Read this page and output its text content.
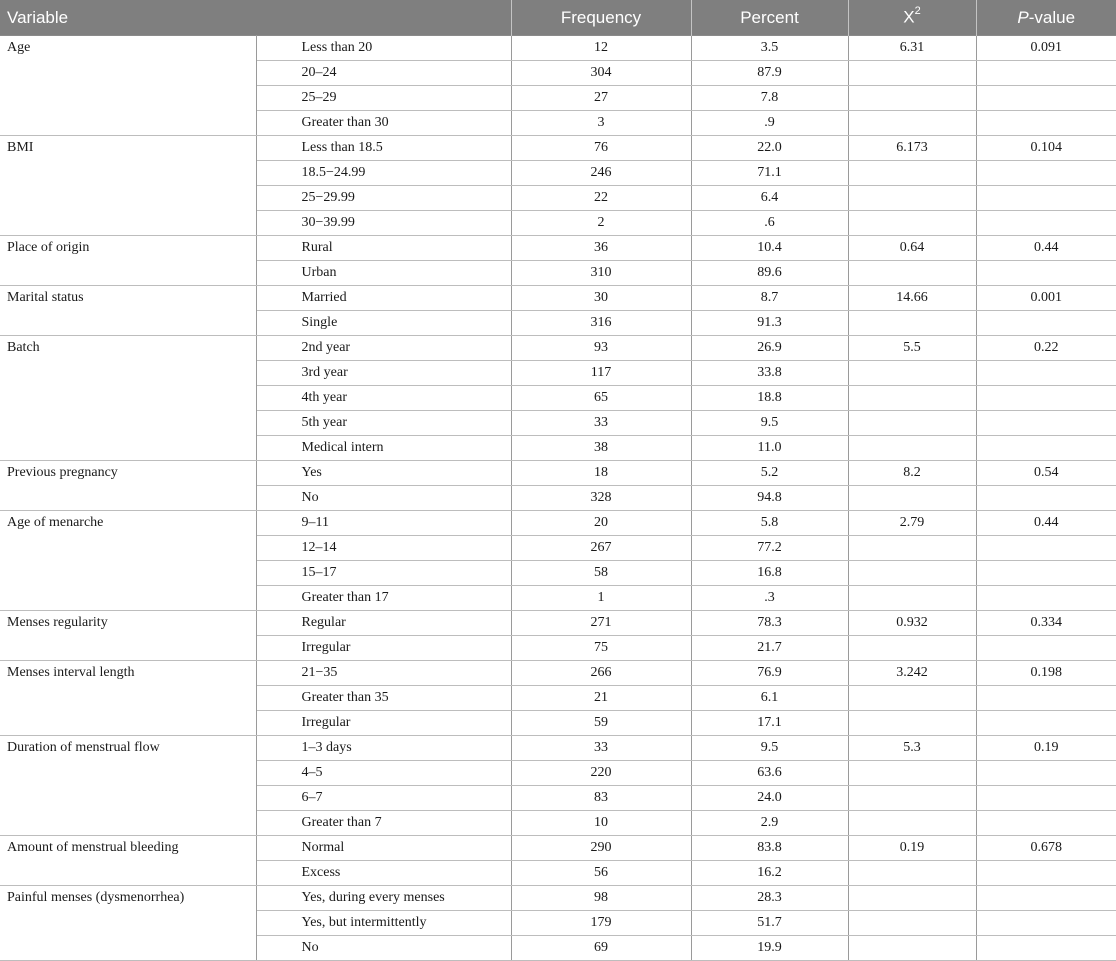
Variable		Frequency	Percent	$X^2$	P-value
Age	Less than 20	12	3.5	6.31	0.091
	20–24	304	87.9		
	25–29	27	7.8		
	Greater than 30	3	.9		
BMI	Less than 18.5	76	22.0	6.173	0.104
	18.5−24.99	246	71.1		
	25−29.99	22	6.4		
	30−39.99	2	.6		
Place of origin	Rural	36	10.4	0.64	0.44
	Urban	310	89.6		
Marital status	Married	30	8.7	14.66	0.001
	Single	316	91.3		
Batch	2nd year	93	26.9	5.5	0.22
	3rd year	117	33.8		
	4th year	65	18.8		
	5th year	33	9.5		
	Medical intern	38	11.0		
Previous pregnancy	Yes	18	5.2	8.2	0.54
	No	328	94.8		
Age of menarche	9–11	20	5.8	2.79	0.44
	12–14	267	77.2		
	15–17	58	16.8		
	Greater than 17	1	.3		
Menses regularity	Regular	271	78.3	0.932	0.334
	Irregular	75	21.7		
Menses interval length	21−35	266	76.9	3.242	0.198
	Greater than 35	21	6.1		
	Irregular	59	17.1		
Duration of menstrual flow	1–3 days	33	9.5	5.3	0.19
	4–5	220	63.6		
	6–7	83	24.0		
	Greater than 7	10	2.9		
Amount of menstrual bleeding	Normal	290	83.8	0.19	0.678
	Excess	56	16.2		
Painful menses (dysmenorrhea)	Yes, during every menses	98	28.3		
	Yes, but intermittently	179	51.7		
	No	69	19.9		
